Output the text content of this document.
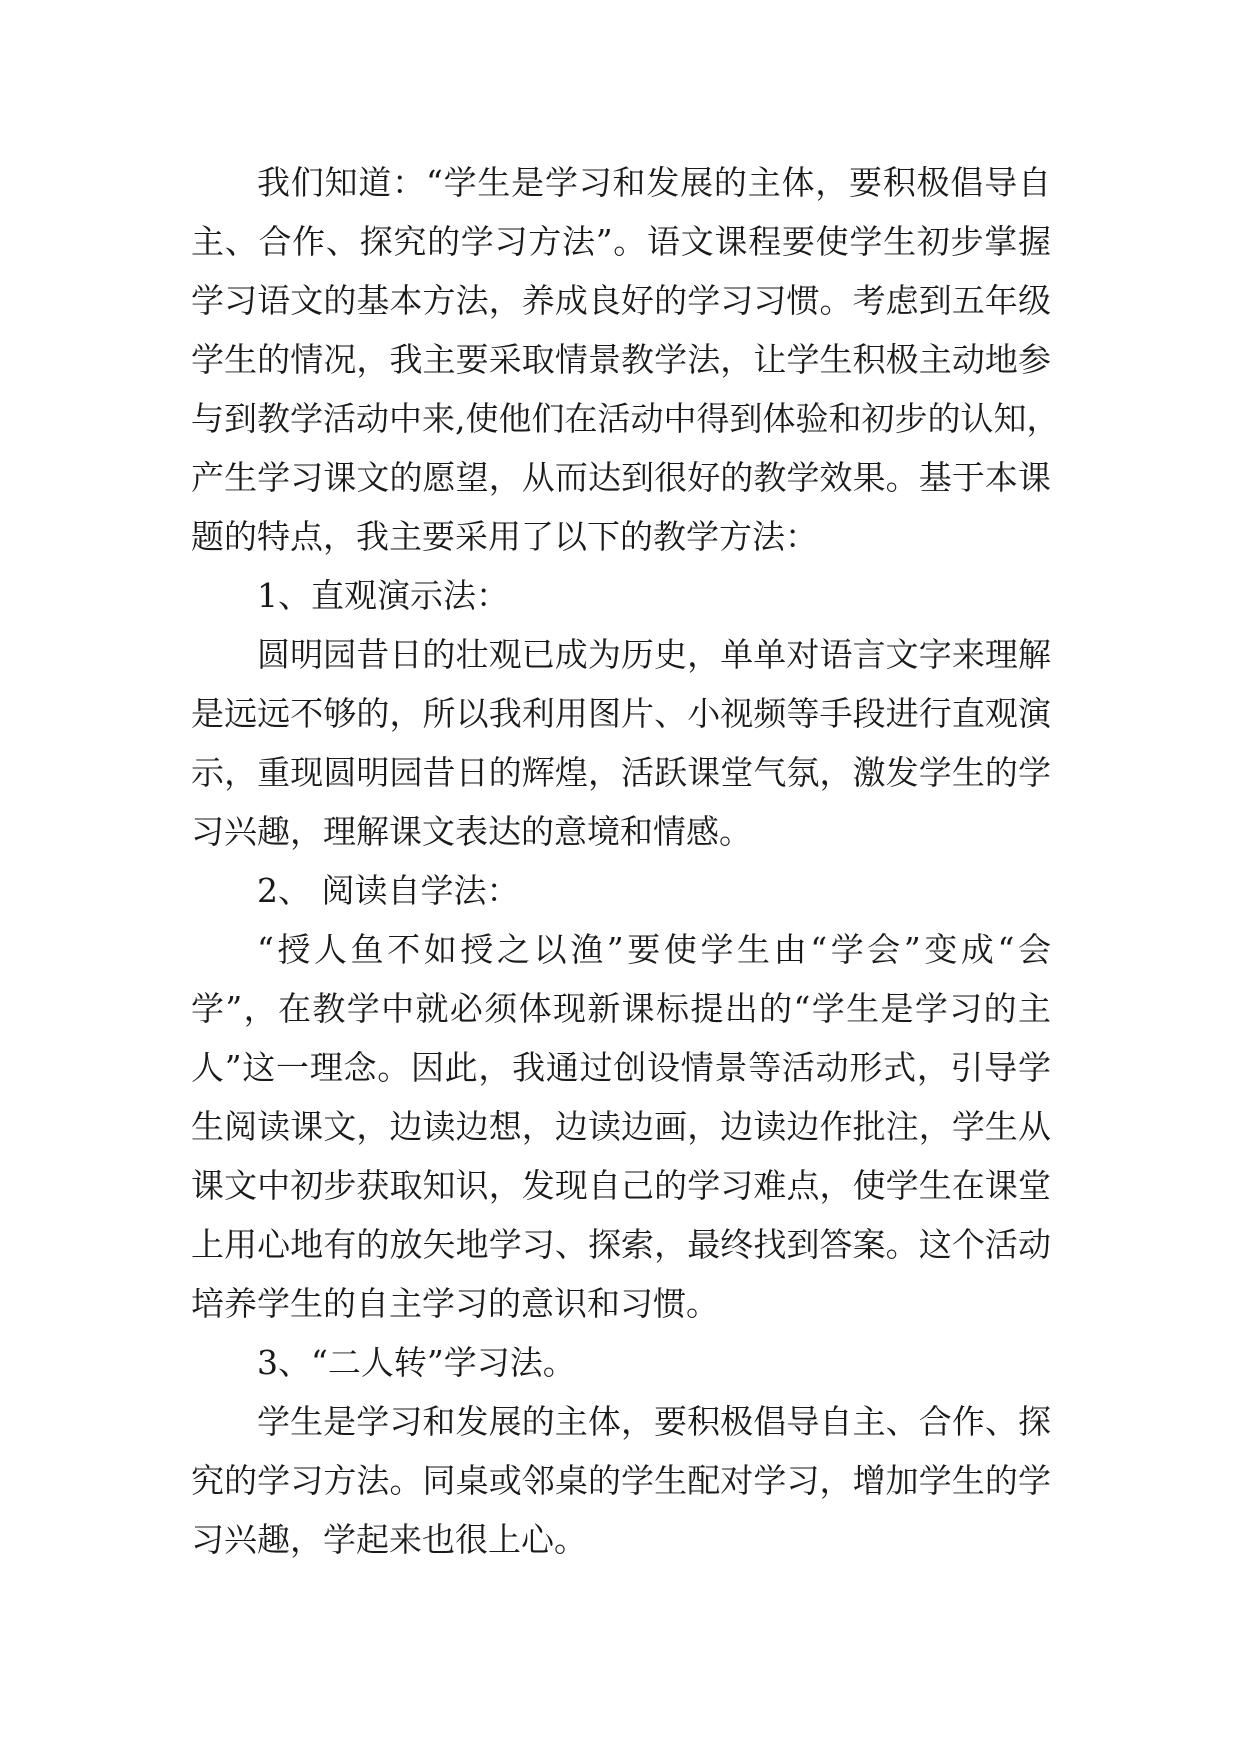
我们知道：“学生是学习和发展的主体，要积极倡导自
主、合作、探究的学习方法”。语文课程要使学生初步掌握
学习语文的基本方法，养成良好的学习习惯。考虑到五年级
学生的情况，我主要采取情景教学法，让学生积极主动地参
与到教学活动中来,使他们在活动中得到体验和初步的认知，
产生学习课文的愿望，从而达到很好的教学效果。基于本课
题的特点，我主要采用了以下的教学方法：
1、直观演示法：
圆明园昔日的壮观已成为历史，单单对语言文字来理解
是远远不够的，所以我利用图片、小视频等手段进行直观演
示，重现圆明园昔日的辉煌，活跃课堂气氛，激发学生的学
习兴趣，理解课文表达的意境和情感。
2、 阅读自学法：
“授人鱼不如授之以渔”要使学生由“学会”变成“会
学”，在教学中就必须体现新课标提出的“学生是学习的主
人”这一理念。因此，我通过创设情景等活动形式，引导学
生阅读课文，边读边想，边读边画，边读边作批注，学生从
课文中初步获取知识，发现自己的学习难点，使学生在课堂
上用心地有的放矢地学习、探索，最终找到答案。这个活动
培养学生的自主学习的意识和习惯。
3、“二人转”学习法。
学生是学习和发展的主体，要积极倡导自主、合作、探
究的学习方法。同桌或邻桌的学生配对学习，增加学生的学
习兴趣，学起来也很上心。
